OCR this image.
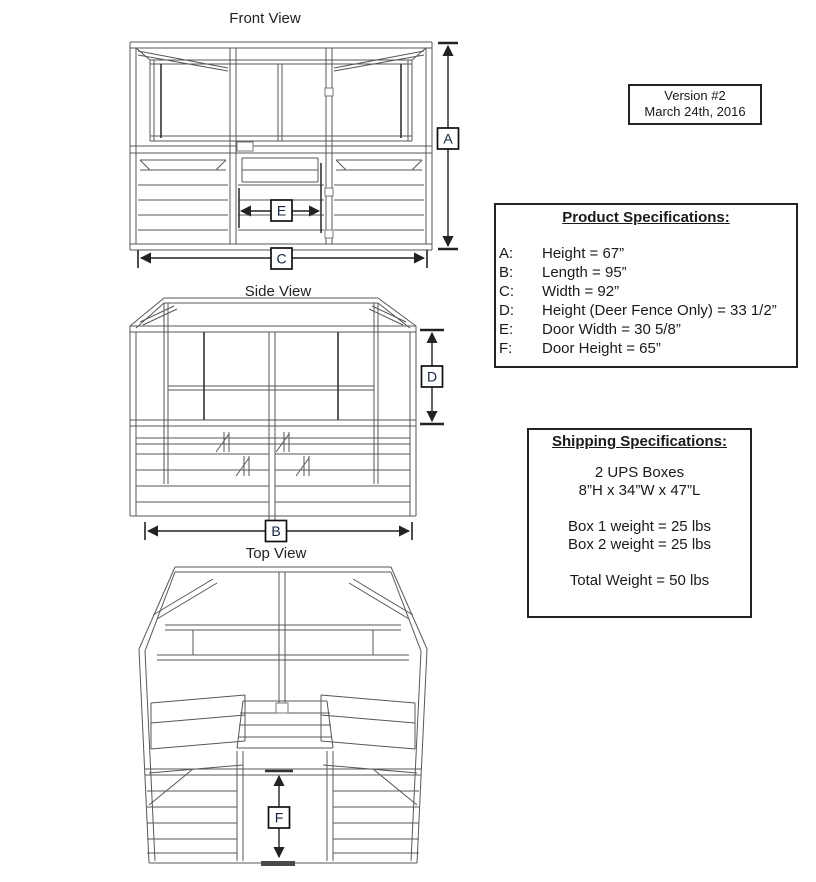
Front View
A
E
C
Version #2
March 24th, 2016
Product Specifications:
A:	Height = 67”
B:	Length = 95”
C:	Width = 92”
D:	Height (Deer Fence Only) = 33 1/2”
E:	Door Width = 30 5/8”
F:	Door Height = 65”
Side View
D
B
Shipping Specifications:
2 UPS Boxes
8”H x 34”W x 47”L
Box 1 weight = 25 lbs
Box 2 weight = 25 lbs
Total Weight = 50 lbs
Top View
F
